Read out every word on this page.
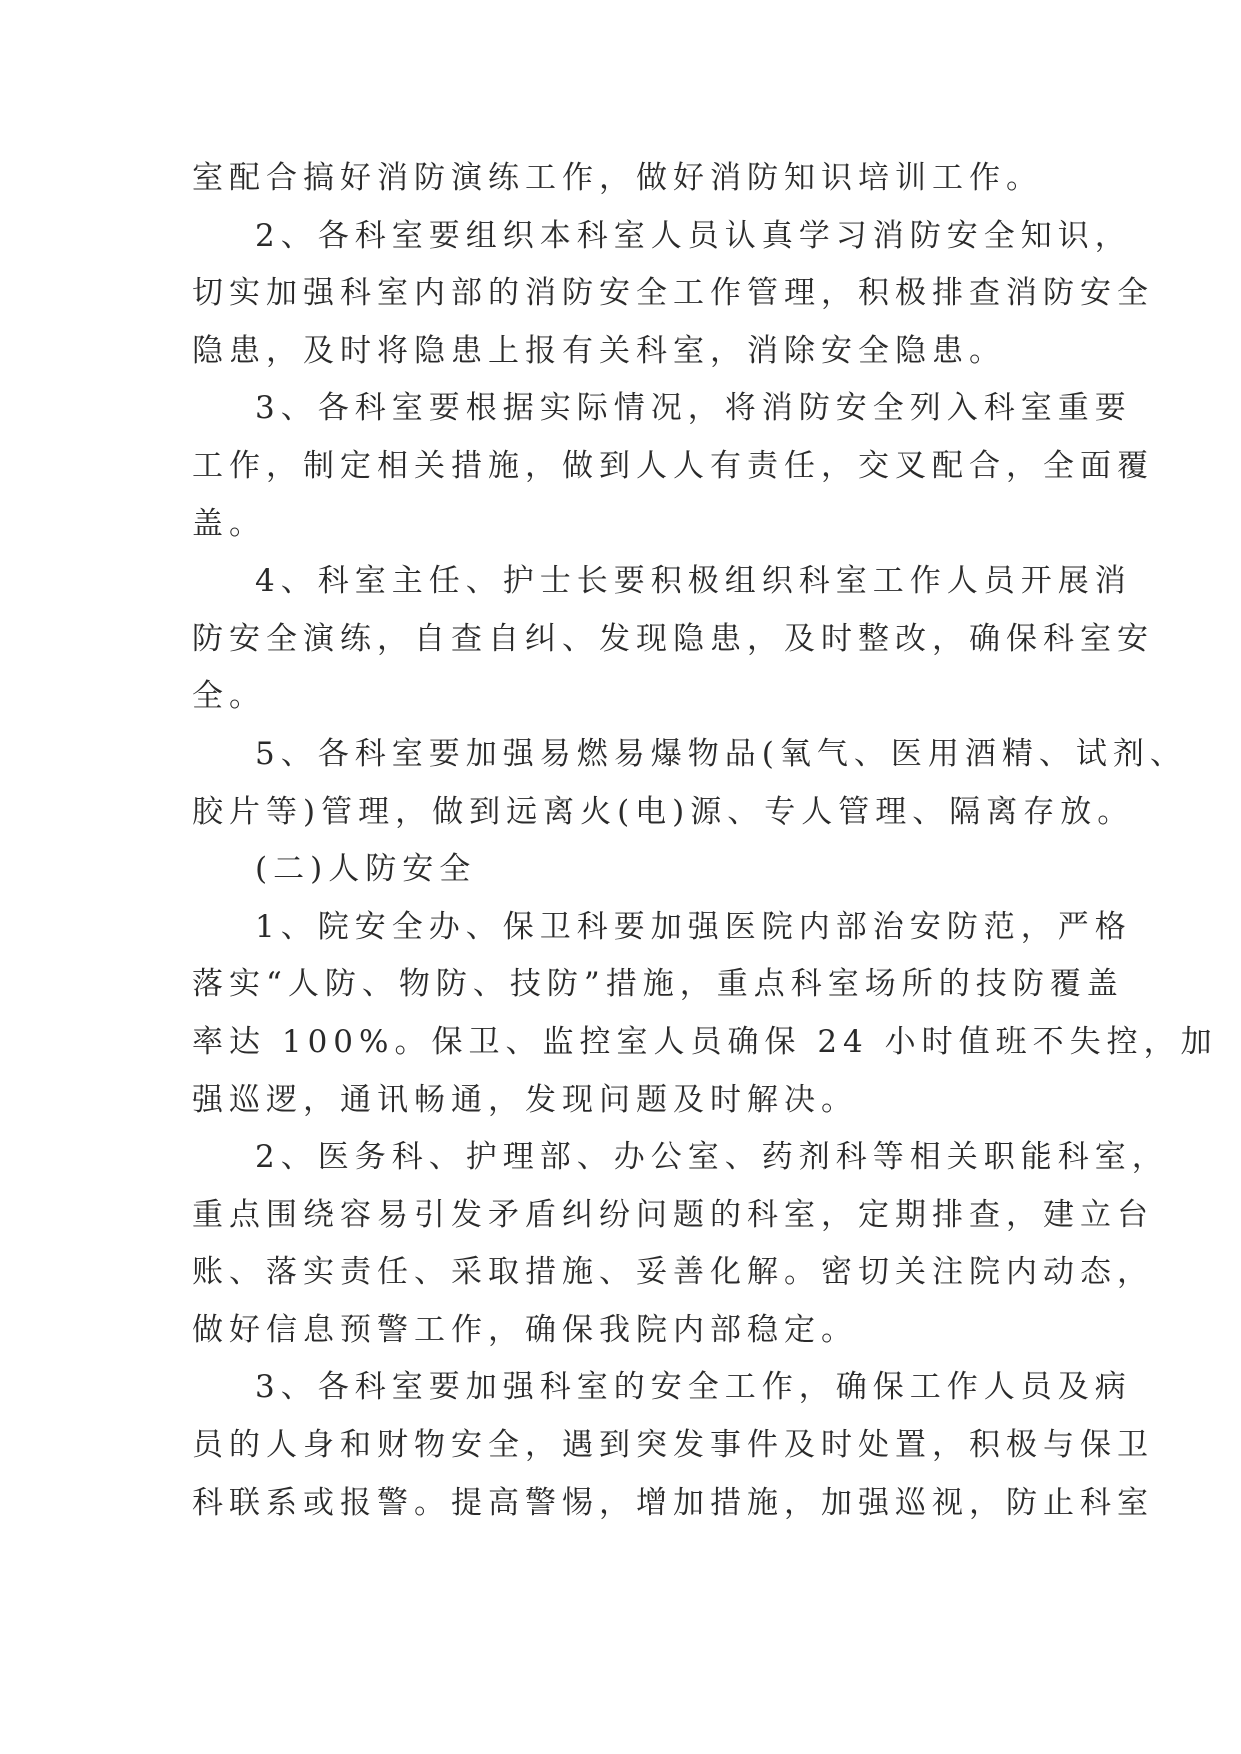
室配合搞好消防演练工作，做好消防知识培训工作。
2、各科室要组织本科室人员认真学习消防安全知识，
切实加强科室内部的消防安全工作管理，积极排查消防安全
隐患，及时将隐患上报有关科室，消除安全隐患。
3、各科室要根据实际情况，将消防安全列入科室重要
工作，制定相关措施，做到人人有责任，交叉配合，全面覆
盖。
4、科室主任、护士长要积极组织科室工作人员开展消
防安全演练，自查自纠、发现隐患，及时整改，确保科室安
全。
5、各科室要加强易燃易爆物品(氧气、医用酒精、试剂、
胶片等)管理，做到远离火(电)源、专人管理、隔离存放。
(二)人防安全
1、院安全办、保卫科要加强医院内部治安防范，严格
落实“人防、物防、技防”措施，重点科室场所的技防覆盖
率达 100%。保卫、监控室人员确保 24 小时值班不失控，加
强巡逻，通讯畅通，发现问题及时解决。
2、医务科、护理部、办公室、药剂科等相关职能科室，
重点围绕容易引发矛盾纠纷问题的科室，定期排查，建立台
账、落实责任、采取措施、妥善化解。密切关注院内动态，
做好信息预警工作，确保我院内部稳定。
3、各科室要加强科室的安全工作，确保工作人员及病
员的人身和财物安全，遇到突发事件及时处置，积极与保卫
科联系或报警。提高警惕，增加措施，加强巡视，防止科室
